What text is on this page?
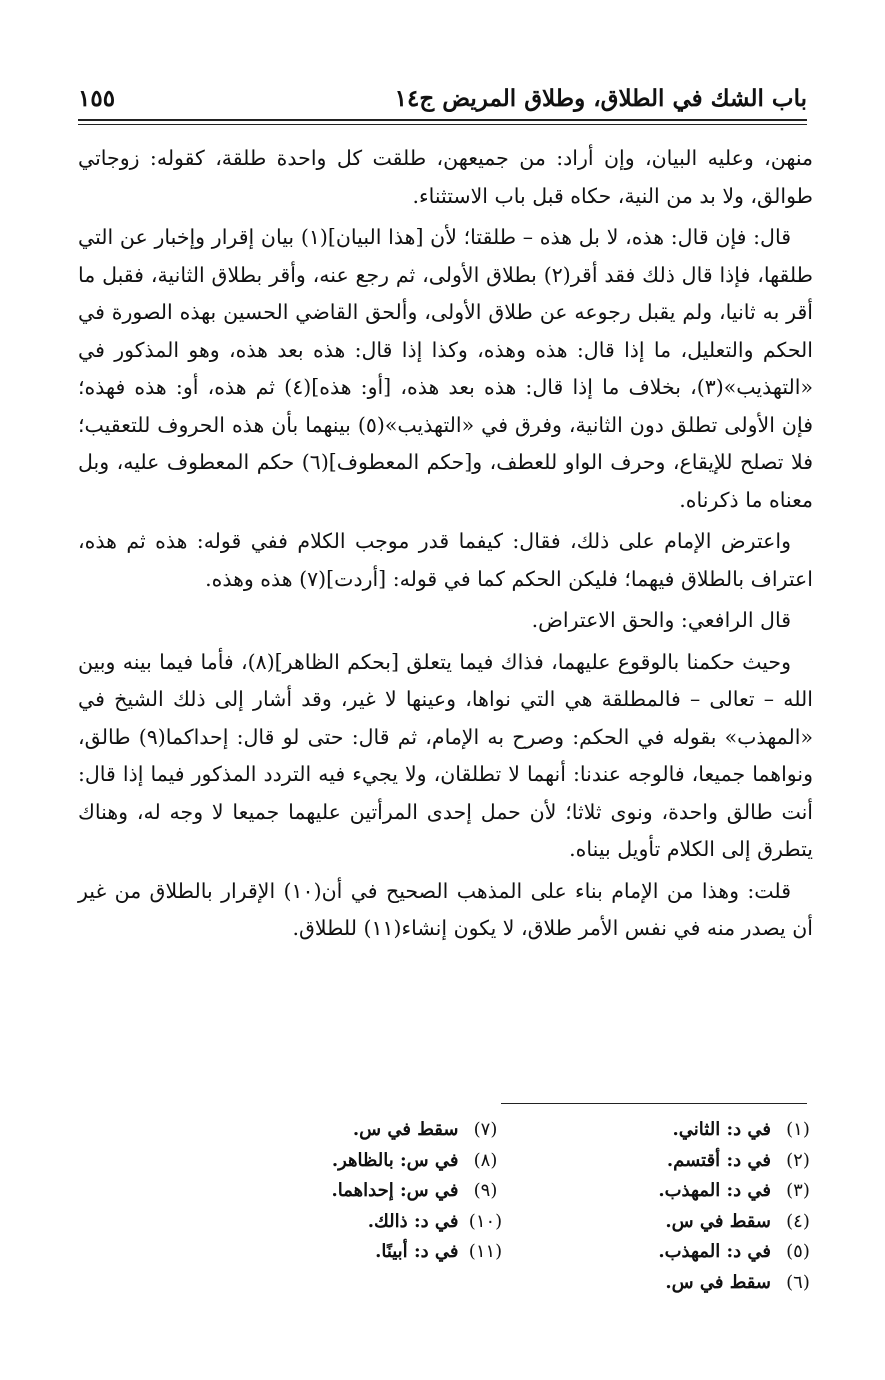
١٥٥	باب الشك في الطلاق، وطلاق المريض ج١٤

منهن، وعليه البيان، وإن أراد: من جميعهن، طلقت كل واحدة طلقة، كقوله: زوجاتي طوالق، ولا بد من النية، حكاه قبل باب الاستثناء.

قال: فإن قال: هذه، لا بل هذه – طلقتا؛ لأن [هذا البيان](١) بيان إقرار وإخبار عن التي طلقها، فإذا قال ذلك فقد أقر(٢) بطلاق الأولى، ثم رجع عنه، وأقر بطلاق الثانية، فقبل ما أقر به ثانيا، ولم يقبل رجوعه عن طلاق الأولى، وألحق القاضي الحسين بهذه الصورة في الحكم والتعليل، ما إذا قال: هذه وهذه، وكذا إذا قال: هذه بعد هذه، وهو المذكور في «التهذيب»(٣)، بخلاف ما إذا قال: هذه بعد هذه، [أو: هذه](٤) ثم هذه، أو: هذه فهذه؛ فإن الأولى تطلق دون الثانية، وفرق في «التهذيب»(٥) بينهما بأن هذه الحروف للتعقيب؛ فلا تصلح للإيقاع، وحرف الواو للعطف، و[حكم المعطوف](٦) حكم المعطوف عليه، وبل معناه ما ذكرناه.

واعترض الإمام على ذلك، فقال: كيفما قدر موجب الكلام ففي قوله: هذه ثم هذه، اعتراف بالطلاق فيهما؛ فليكن الحكم كما في قوله: [أردت](٧) هذه وهذه.

قال الرافعي: والحق الاعتراض.

وحيث حكمنا بالوقوع عليهما، فذاك فيما يتعلق [بحكم الظاهر](٨)، فأما فيما بينه وبين الله – تعالى – فالمطلقة هي التي نواها، وعينها لا غير، وقد أشار إلى ذلك الشيخ في «المهذب» بقوله في الحكم: وصرح به الإمام، ثم قال: حتى لو قال: إحداكما(٩) طالق، ونواهما جميعا، فالوجه عندنا: أنهما لا تطلقان، ولا يجيء فيه التردد المذكور فيما إذا قال: أنت طالق واحدة، ونوى ثلاثا؛ لأن حمل إحدى المرأتين عليهما جميعا لا وجه له، وهناك يتطرق إلى الكلام تأويل بيناه.

قلت: وهذا من الإمام بناء على المذهب الصحيح في أن(١٠) الإقرار بالطلاق من غير أن يصدر منه في نفس الأمر طلاق، لا يكون إنشاء(١١) للطلاق.

(١)
في د: الثاني.
(٢)
في د: أقتسم.
(٣)
في د: المهذب.
(٤)
سقط في س.
(٥)
في د: المهذب.
(٦)
سقط في س.
(٧)
سقط في س.
(٨)
في س: بالظاهر.
(٩)
في س: إحداهما.
(١٠)
في د: ذالك.
(١١)
في د: أبينًا.
